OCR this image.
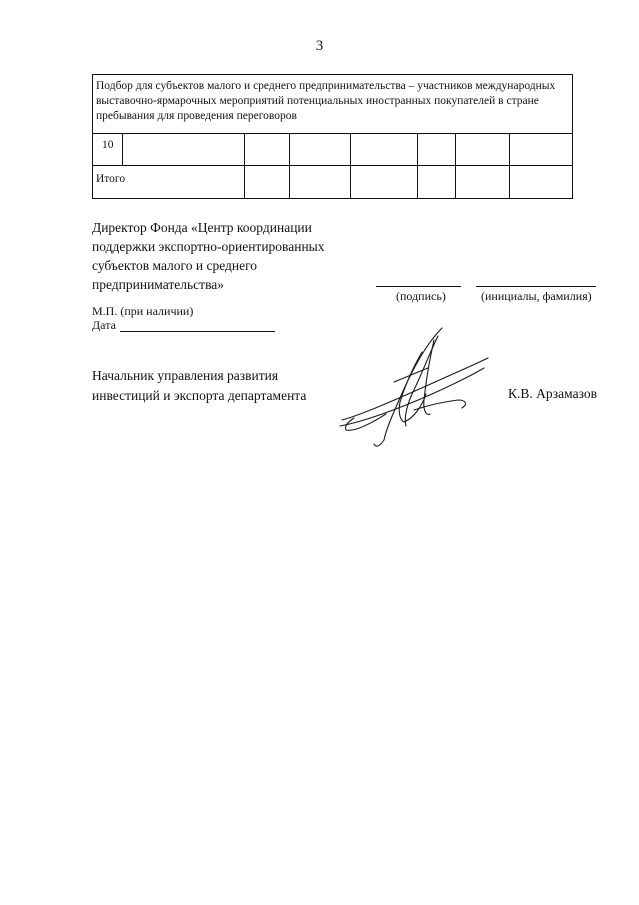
3
Подбор для субъектов малого и среднего предпринимательства – участников международных выставочно-ярмарочных мероприятий потенциальных иностранных покупателей в стране пребывания для проведения переговоров							
10							
Итого							
Директор Фонда «Центр координации
поддержки экспортно-ориентированных
субъектов малого и среднего
предпринимательства»
(подпись)	(инициалы, фамилия)
М.П. (при наличии)
Дата
Начальник управления развития
инвестиций и экспорта департамента	К.В. Арзамазов
